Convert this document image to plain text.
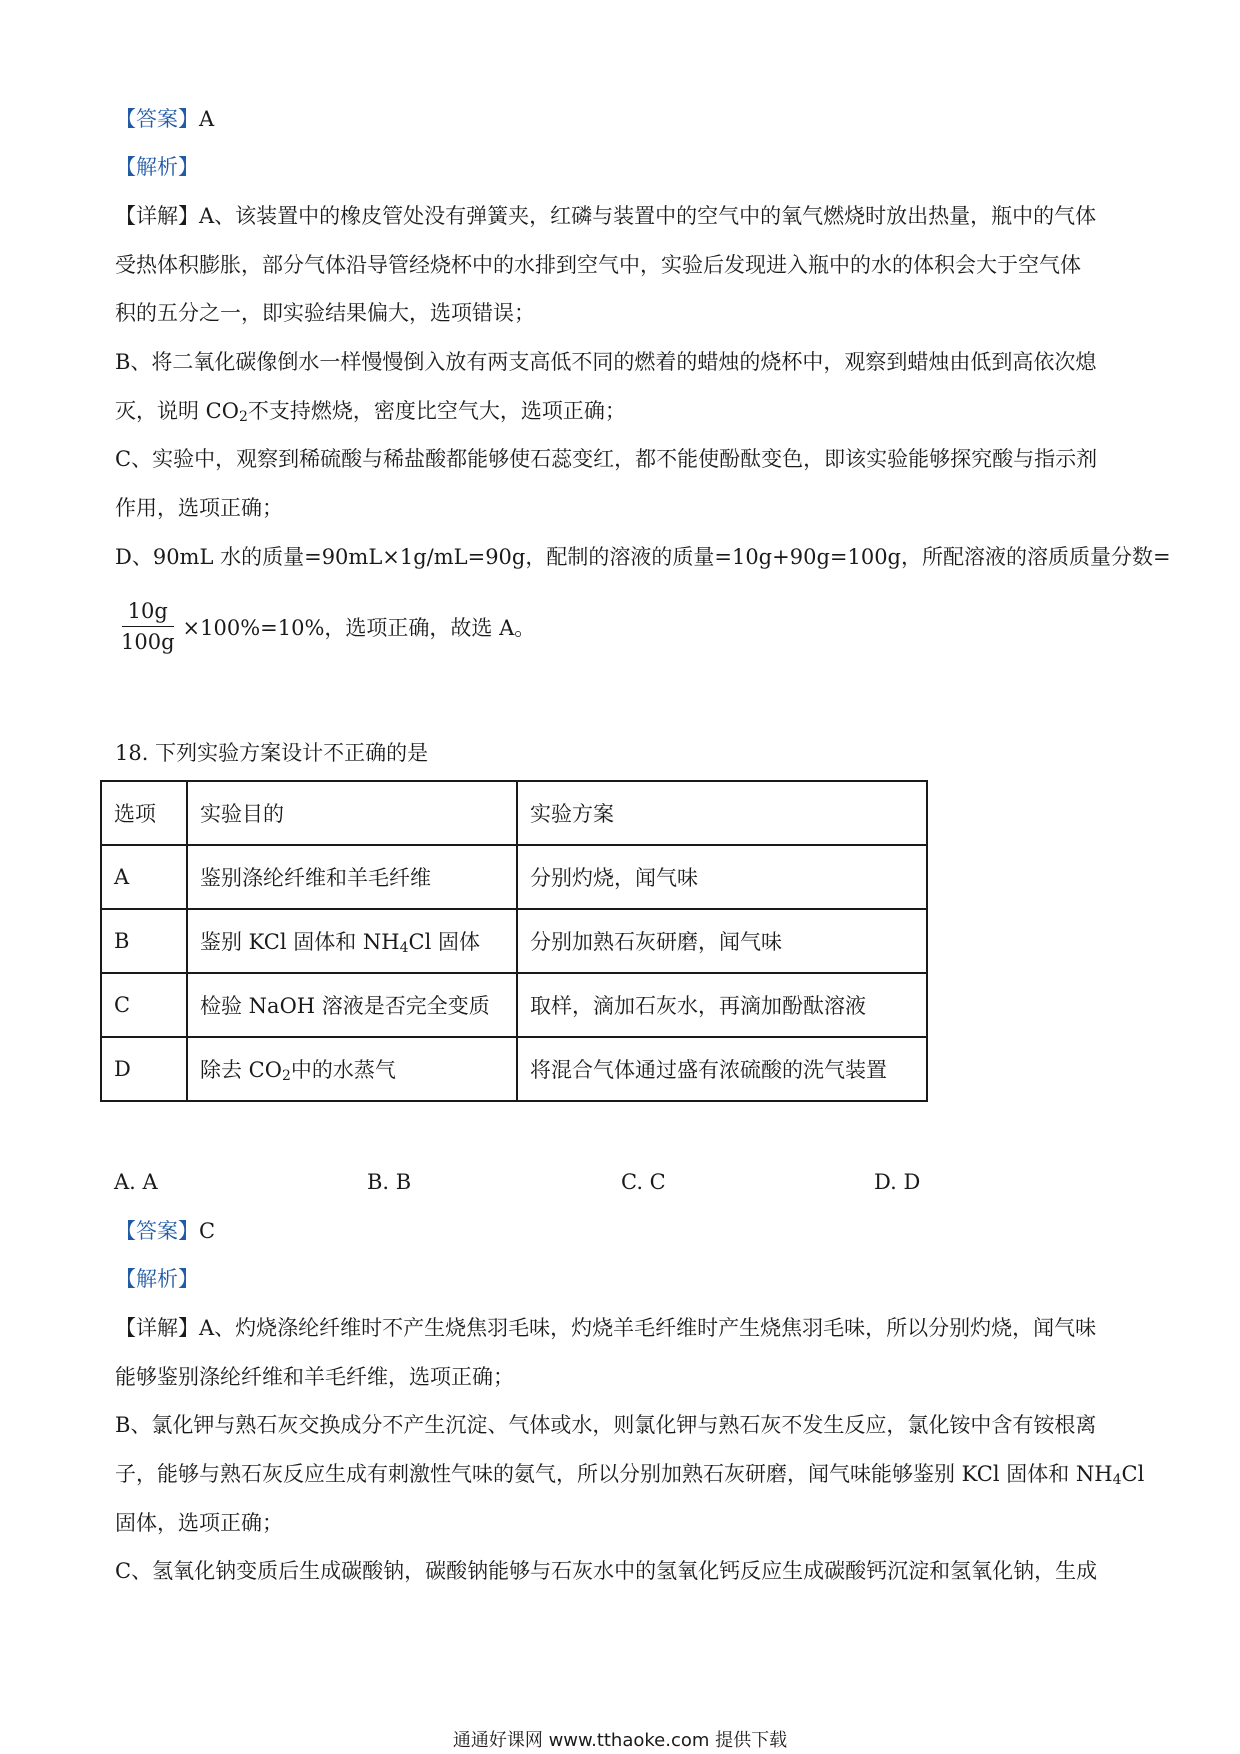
【答案】A
【解析】
【详解】A、该装置中的橡皮管处没有弹簧夹，红磷与装置中的空气中的氧气燃烧时放出热量，瓶中的气体
受热体积膨胀，部分气体沿导管经烧杯中的水排到空气中，实验后发现进入瓶中的水的体积会大于空气体
积的五分之一，即实验结果偏大，选项错误；
B、将二氧化碳像倒水一样慢慢倒入放有两支高低不同的燃着的蜡烛的烧杯中，观察到蜡烛由低到高依次熄
灭，说明 $CO_2$不支持燃烧，密度比空气大，选项正确；
C、实验中，观察到稀硫酸与稀盐酸都能够使石蕊变红，都不能使酚酞变色，即该实验能够探究酸与指示剂
作用，选项正确；
D、90mL 水的质量=90mL×1g/mL=90g，配制的溶液的质量=10g+90g=100g，所配溶液的溶质质量分数=
$\frac{10g}{100g} \times 100\%=10\%$，选项正确，故选 A。
18. 下列实验方案设计不正确的是
选项	实验目的	实验方案
A	鉴别涤纶纤维和羊毛纤维	分别灼烧，闻气味
B	鉴别 KCl 固体和 $NH_4Cl$ 固体	分别加熟石灰研磨，闻气味
C	检验 NaOH 溶液是否完全变质	取样，滴加石灰水，再滴加酚酞溶液
D	除去 $CO_2$中的水蒸气	将混合气体通过盛有浓硫酸的洗气装置
A. A	B. B	C. C	D. D
【答案】C
【解析】
【详解】A、灼烧涤纶纤维时不产生烧焦羽毛味，灼烧羊毛纤维时产生烧焦羽毛味，所以分别灼烧，闻气味
能够鉴别涤纶纤维和羊毛纤维，选项正确；
B、氯化钾与熟石灰交换成分不产生沉淀、气体或水，则氯化钾与熟石灰不发生反应，氯化铵中含有铵根离
子，能够与熟石灰反应生成有刺激性气味的氨气，所以分别加熟石灰研磨，闻气味能够鉴别 KCl 固体和 $NH_4Cl$
固体，选项正确；
C、氢氧化钠变质后生成碳酸钠，碳酸钠能够与石灰水中的氢氧化钙反应生成碳酸钙沉淀和氢氧化钠，生成
通通好课网 www.tthaoke.com 提供下载
